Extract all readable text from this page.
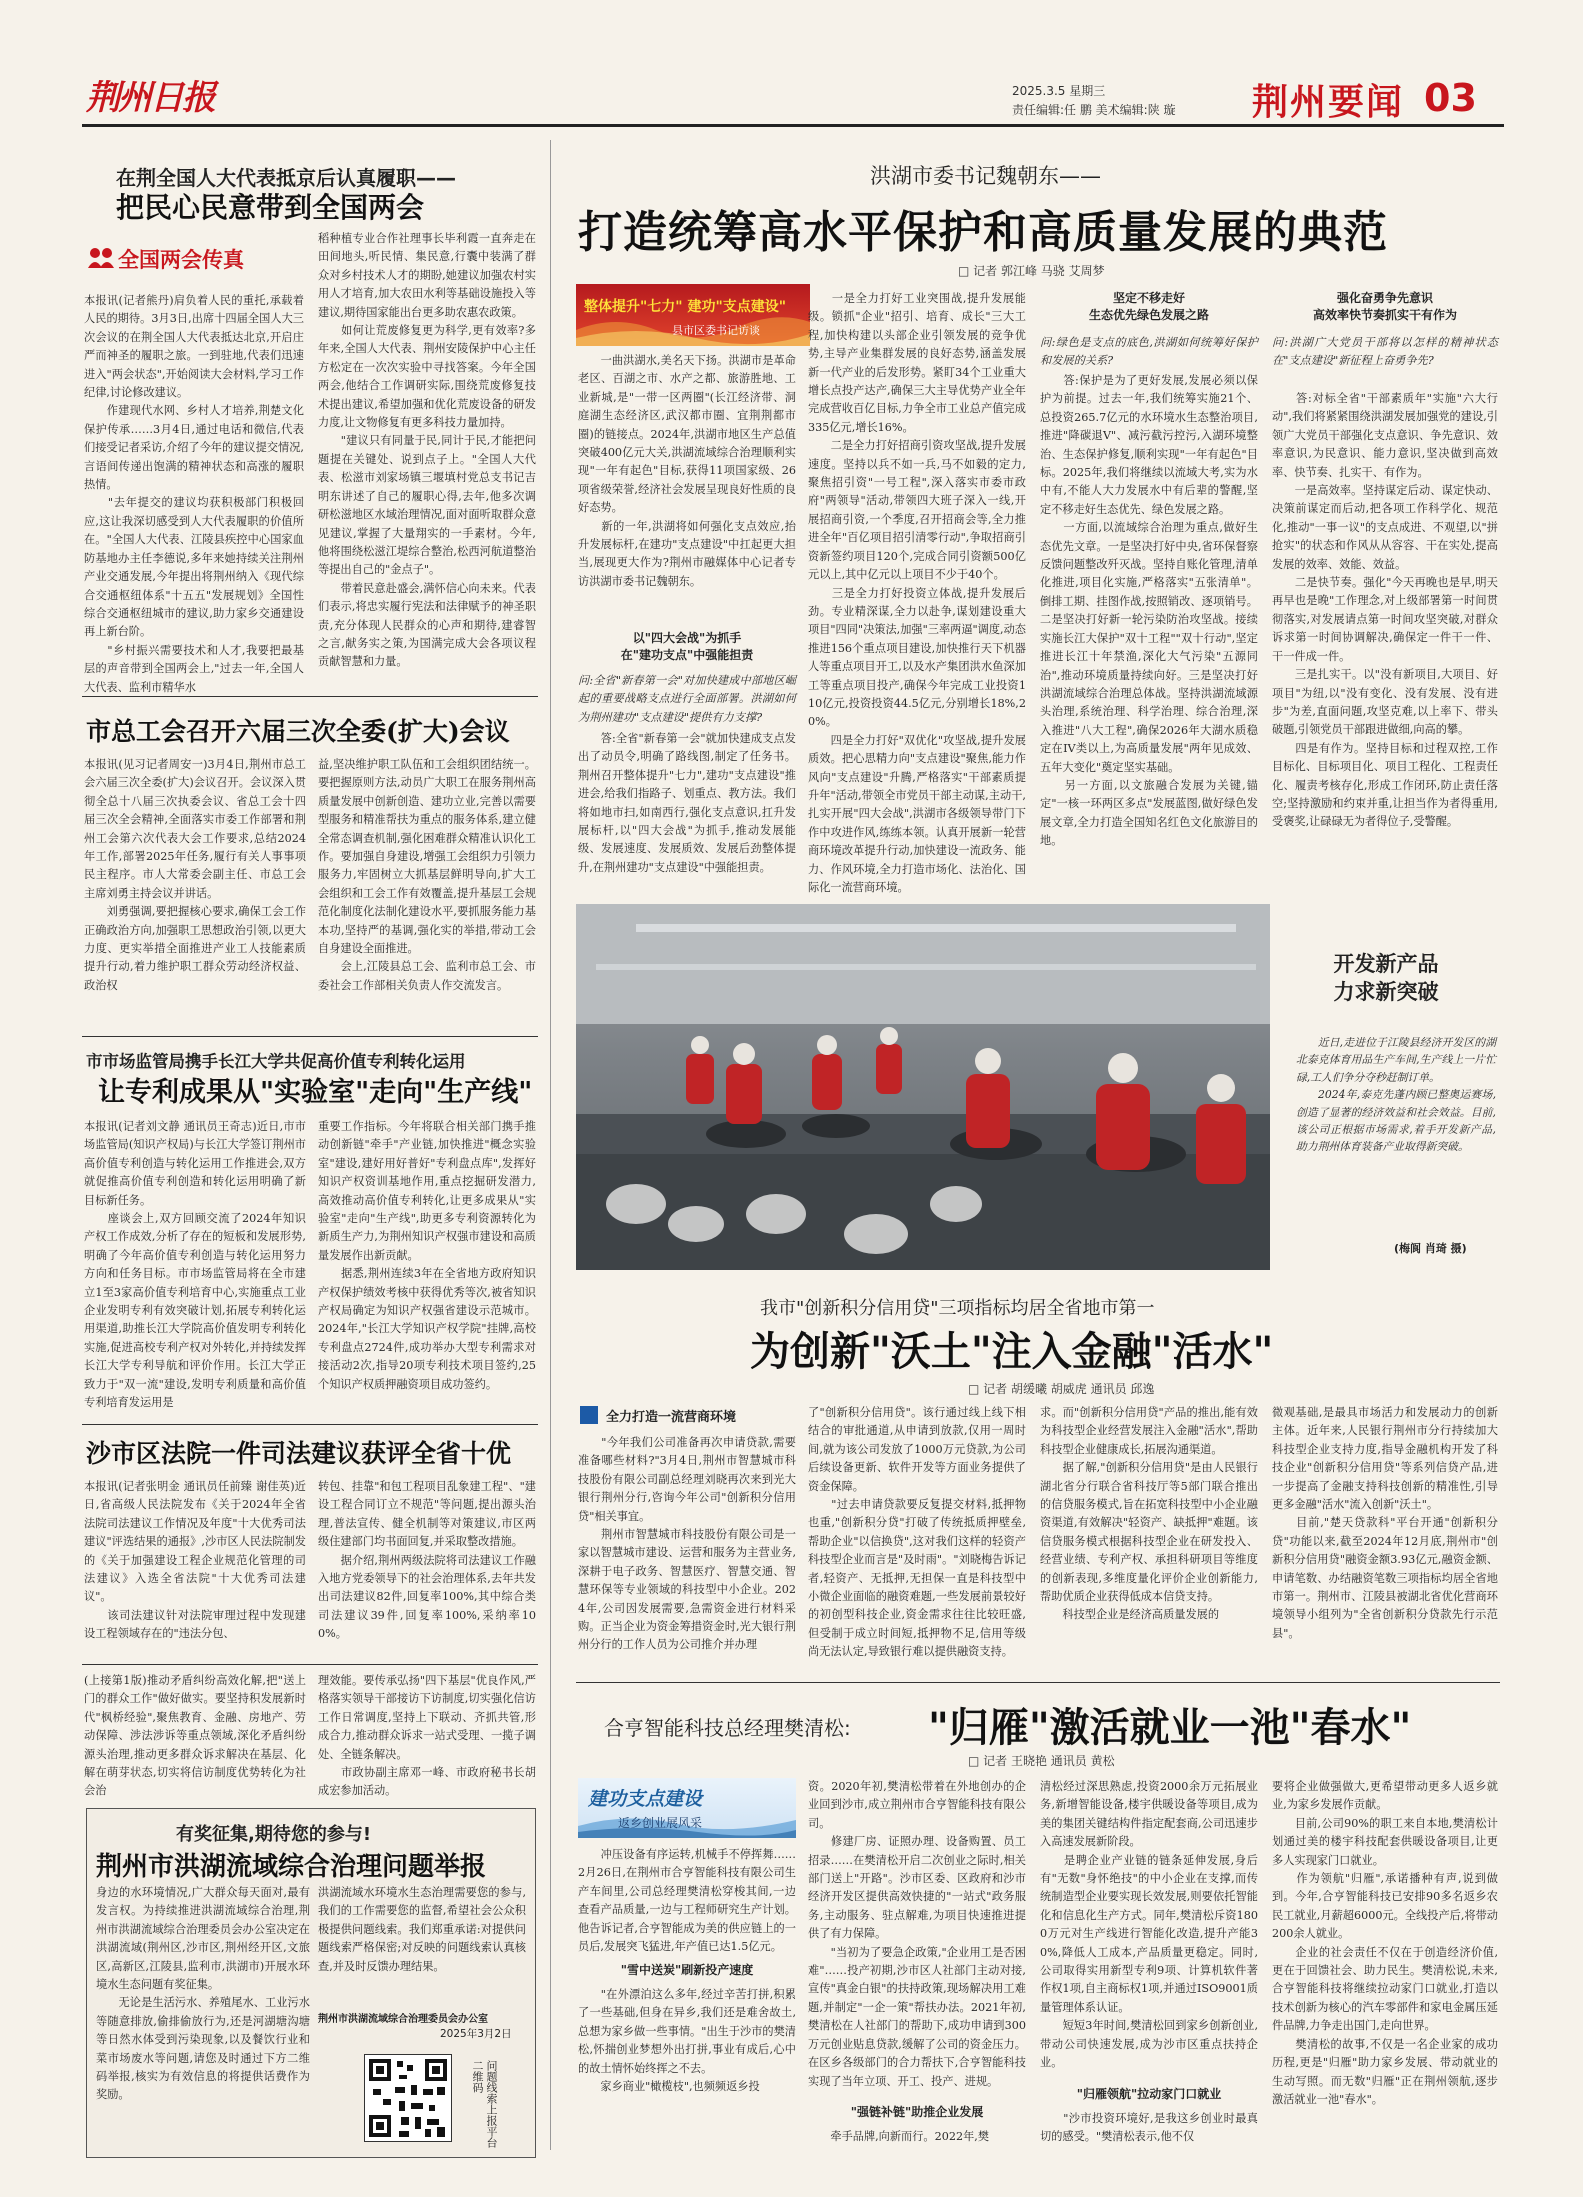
荆州日报	2025.3.5 星期三
责任编辑:任 鹏 美术编辑:陕 璇 荆州要闻 03
在荆全国人大代表抵京后认真履职——
把民心民意带到全国两会
全国两会传真
本报讯(记者熊丹)肩负着人民的重托,承载着人民的期待。3月3日,出席十四届全国人大三次会议的在荆全国人大代表抵达北京,开启庄严而神圣的履职之旅。一到驻地,代表们迅速进入"两会状态",开始阅读大会材料,学习工作纪律,讨论修改建议。
　　作建现代水网、乡村人才培养,荆楚文化保护传承……3月4日,通过电话和微信,代表们接受记者采访,介绍了今年的建议提交情况,言语间传递出饱满的精神状态和高涨的履职热情。
　　"去年提交的建议均获积极部门积极回应,这让我深切感受到人大代表履职的价值所在。"全国人大代表、江陵县疾控中心国家血防基地办主任李德说,多年来她持续关注荆州产业交通发展,今年提出将荆州纳入《现代综合交通枢纽体系"十五五"发展规划》全国性综合交通枢纽城市的建议,助力家乡交通建设再上新台阶。
　　"乡村振兴需要技术和人才,我要把最基层的声音带到全国两会上,"过去一年,全国人大代表、监利市精华水
稻种植专业合作社理事长毕利霞一直奔走在田间地头,听民情、集民意,行囊中装满了群众对乡村技术人才的期盼,她建议加强农村实用人才培育,加大农田水利等基础设施投入等建议,期待国家能出台更多助农惠农政策。
　　如何让荒废修复更为科学,更有效率?多年来,全国人大代表、荆州安陵保护中心主任方松定在一次次实验中寻找答案。今年全国两会,他结合工作调研实际,围绕荒废修复技术提出建议,希望加强和优化荒废设备的研发力度,让文物修复有更多科技力量加持。
　　"建议只有同量于民,同计于民,才能把问题提在关键处、说到点子上。"全国人大代表、松滋市刘家场镇三堰填村党总支书记吉明东讲述了自己的履职心得,去年,他多次调研松滋地区水域治理情况,面对面听取群众意见建议,掌握了大量翔实的一手素材。今年,他将围绕松滋江堤综合整治,松西河航道整治等提出自己的"金点子"。
　　带着民意赴盛会,满怀信心向未来。代表们表示,将忠实履行宪法和法律赋予的神圣职责,充分体现人民群众的心声和期待,建睿智之言,献务实之策,为国满完成大会各项议程贡献智慧和力量。
市总工会召开六届三次全委(扩大)会议
本报讯(见习记者周安一)3月4日,荆州市总工会六届三次全委(扩大)会议召开。会议深入贯彻全总十八届三次执委会议、省总工会十四届三次全会精神,全面落实市委工作部署和荆州工会第六次代表大会工作要求,总结2024年工作,部署2025年任务,履行有关人事事项民主程序。市人大常委会副主任、市总工会主席刘勇主持会议并讲话。
　　刘勇强调,要把握核心要求,确保工会工作正确政治方向,加强职工思想政治引领,以更大力度、更实举措全面推进产业工人技能素质提升行动,着力维护职工群众劳动经济权益、政治权
益,坚决维护职工队伍和工会组织团结统一。要把握原则方法,动员广大职工在服务荆州高质量发展中创新创造、建功立业,完善以需要型服务和精准帮扶为重点的服务体系,建立健全常态调查机制,强化困难群众精准认识化工作。要加强自身建设,增强工会组织力引领力服务力,牢固树立大抓基层鲜明导向,扩大工会组织和工会工作有效覆盖,提升基层工会规范化制度化法制化建设水平,要抓服务能力基本功,坚持严的基调,强化实的举措,带动工会自身建设全面推进。
　　会上,江陵县总工会、监利市总工会、市委社会工作部相关负责人作交流发言。
市市场监管局携手长江大学共促高价值专利转化运用
让专利成果从"实验室"走向"生产线"
本报讯(记者刘文静 通讯员王奇志)近日,市市场监管局(知识产权局)与长江大学签订荆州市高价值专利创造与转化运用工作推进会,双方就促推高价值专利创造和转化运用明确了新目标新任务。
　　座谈会上,双方回顾交流了2024年知识产权工作成效,分析了存在的短板和发展形势,明确了今年高价值专利创造与转化运用努力方向和任务目标。市市场监管局将在全市建立1至3家高价值专利培育中心,实施重点工业企业发明专利有效突破计划,拓展专利转化运用渠道,助推长江大学院高价值发明专利转化实施,促进高校专利产权对外转化,并持续发挥长江大学专利导航和评价作用。长江大学正致力于"双一流"建设,发明专利质量和高价值专利培育发运用是
重要工作指标。今年将联合相关部门携手推动创新链"牵手"产业链,加快推进"概念实验室"建设,建好用好普好"专利盘点库",发挥好知识产权资训基地作用,重点挖掘研发潜力,高效推动高价值专利转化,让更多成果从"实验室"走向"生产线",助更多专利资源转化为新质生产力,为荆州知识产权强市建设和高质量发展作出新贡献。
　　据悉,荆州连续3年在全省地方政府知识产权保护绩效考核中获得优秀等次,被省知识产权局确定为知识产权强省建设示范城市。2024年,"长江大学知识产权学院"挂牌,高校专利盘点2724件,成功举办大型专利需求对接活动2次,指导20项专利技术项目签约,25个知识产权质押融资项目成功签约。
沙市区法院一件司法建议获评全省十优
本报讯(记者张明金 通讯员任前臻 谢佳英)近日,省高级人民法院发布《关于2024年全省法院司法建议工作情况及年度"十大优秀司法建议"评选结果的通报》,沙市区人民法院制发的《关于加强建设工程企业规范化管理的司法建议》入选全省法院"十大优秀司法建议"。
　　该司法建议针对法院审理过程中发现建设工程领域存在的"违法分包、
转包、挂靠"和包工程项目乱象建工程"、"建设工程合同订立不规范"等问题,提出源头治理,普法宣传、健全机制等对策建议,市区两级住建部门均书面回复,并采取整改措施。
　　据介绍,荆州两级法院将司法建议工作融入地方党委领导下的社会治理体系,去年共发出司法建议82件,回复率100%,其中综合类司法建议39件,回复率100%,采纳率100%。
(上接第1版)推动矛盾纠纷高效化解,把"送上门的群众工作"做好做实。要坚持积发展新时代"枫桥经验",聚焦教育、金融、房地产、劳动保障、涉法涉诉等重点领域,深化矛盾纠纷源头治理,推动更多群众诉求解决在基层、化解在萌芽状态,切实将信访制度优势转化为社会治
理效能。要传承弘扬"四下基层"优良作风,严格落实领导干部接访下访制度,切实强化信访工作日常调度,坚持上下联动、齐抓共管,形成合力,推动群众诉求一站式受理、一揽子调处、全链条解决。
　　市政协副主席邓一峰、市政府秘书长胡成宏参加活动。
有奖征集,期待您的参与!
荆州市洪湖流域综合治理问题举报
身边的水环境情况,广大群众每天面对,最有发言权。为持续推进洪湖流域综合治理,荆州市洪湖流域综合治理委员会办公室决定在洪湖流域(荆州区,沙市区,荆州经开区,文旅区,高新区,江陵县,监利市,洪湖市)开展水环境水生态问题有奖征集。
　　无论是生活污水、养殖尾水、工业污水等随意排放,偷排偷放行为,还是河湖塘沟塘等日然水体受到污染现象,以及餐饮行业和菜市场废水等问题,请您及时通过下方二维码举报,核实为有效信息的将提供话费作为奖励。
洪湖流域水环境水生态治理需要您的参与,我们的工作需要您的监督,希望社会公众积极提供问题线索。我们郑重承诺:对提供问题线索严格保密;对反映的问题线索认真核查,并及时反馈办理结果。
荆州市洪湖流域综合治理委员会办公室
2025年3月2日
问题线索上报平台二维码
洪湖市委书记魏朝东——
打造统筹高水平保护和高质量发展的典范
□ 记者 郭江峰 马骁 艾周梦
整体提升"七力" 建功"支点建设"
县市区委书记访谈
　　一曲洪湖水,美名天下扬。洪湖市是革命老区、百湖之市、水产之都、旅游胜地、工业新城,是"一带一区两圈"(长江经济带、洞庭湖生态经济区,武汉都市圈、宜荆荆都市圈)的链接点。2024年,洪湖市地区生产总值突破400亿元大关,洪湖流域综合治理顺利实现"一年有起色"目标,获得11项国家级、26项省级荣誉,经济社会发展呈现良好性质的良好态势。
　　新的一年,洪湖将如何强化支点效应,抬升发展标杆,在建功"支点建设"中扛起更大担当,展现更大作为?荆州市融媒体中心记者专访洪湖市委书记魏朝东。
以"四大会战"为抓手
在"建功支点"中强能担责
问:全省"新春第一会"对加快建成中部地区崛起的重要战略支点进行全面部署。洪湖如何为荆州建功"支点建设"提供有力支撑?
　　答:全省"新春第一会"就加快建成支点发出了动员令,明确了路线图,制定了任务书。荆州召开整体提升"七力",建功"支点建设"推进会,给我们指路子、划重点、教方法。我们将如地市扫,如南西行,强化支点意识,扛升发展标杆,以"四大会战"为抓手,推动发展能级、发展速度、发展质效、发展后劲整体提升,在荆州建功"支点建设"中强能担责。
　　一是全力打好工业突围战,提升发展能级。锁抓"企业"招引、培育、成长"三大工程,加快构建以头部企业引领发展的竞争优势,主导产业集群发展的良好态势,涵盖发展新一代产业的后发形势。紧盯34个工业重大增长点投产达产,确保三大主导优势产业全年完成营收百亿目标,力争全市工业总产值完成335亿元,增长16%。
　　二是全力打好招商引资攻坚战,提升发展速度。坚持以兵不如一兵,马不如毅的定力,聚焦招引资"一号工程",深入落实市委市政府"两领导"活动,带领四大班子深入一线,开展招商引资,一个季度,召开招商会等,全力推进全年"百亿项目招引清零行动",争取招商引资新签约项目120个,完成合同引资额500亿元以上,其中亿元以上项目不少于40个。
　　三是全力打好投资立体战,提升发展后劲。专业精深谋,全力以赴争,谋划建设重大项目"四同"决策法,加强"三率两逼"调度,动态推进156个重点项目建设,加快推行天下机器人等重点项目开工,以及水产集团洪水鱼深加工等重点项目投产,确保今年完成工业投资110亿元,投资投资44.5亿元,分别增长18%,20%。
　　四是全力打好"双优化"攻坚战,提升发展质效。把心思精力向"支点建设"聚焦,能力作风向"支点建设"升腾,严格落实"干部素质提升年"活动,带领全市党员干部主动谋,主动干,扎实开展"四大会战",洪湖市各级领导带门下作中攻进作风,练练本领。认真开展新一轮营商环境改革提升行动,加快建设一流政务、能力、作风环境,全力打造市场化、法治化、国际化一流营商环境。
坚定不移走好
生态优先绿色发展之路
问:绿色是支点的底色,洪湖如何统筹好保护和发展的关系?
　　答:保护是为了更好发展,发展必须以保护为前提。过去一年,我们统筹实施21个、总投资265.7亿元的水环境水生态整治项目,推进"降碳退V"、减污截污控污,入湖环境整治、生态保护修复,顺利实现"一年有起色"目标。2025年,我们将继续以流域大考,实为水中有,不能人大力发展水中有后辈的警醒,坚定不移走好生态优先、绿色发展之路。
　　一方面,以流域综合治理为重点,做好生态优先文章。一是坚决打好中央,省环保督察反馈问题整改歼灭战。坚持自账化管理,清单化推进,项目化实施,严格落实"五张清单"。倒排工期、挂图作战,按照销改、逐项销号。二是坚决打好新一轮污染防治攻坚战。接续实施长江大保护"双十工程""双十行动",坚定推进长江十年禁渔,深化大气污染"五源同治",推动环境质量持续向好。三是坚决打好洪湖流域综合治理总体战。坚持洪湖流域源头治理,系统治理、科学治理、综合治理,深入推进"八大工程",确保2026年大湖水质稳定在IV类以上,为高质量发展"两年见成效、五年大变化"奠定坚实基础。
　　另一方面,以文旅融合发展为关键,锚定"一核一环两区多点"发展蓝图,做好绿色发展文章,全力打造全国知名红色文化旅游目的地。
强化奋勇争先意识
高效率快节奏抓实干有作为
问:洪湖广大党员干部将以怎样的精神状态在"支点建设"新征程上奋勇争先?
　　答:对标全省"干部素质年"实施"六大行动",我们将紧紧围绕洪湖发展加强党的建设,引领广大党员干部强化支点意识、争先意识、效率意识,为民意识、能力意识,坚决做到高效率、快节奏、扎实干、有作为。
　　一是高效率。坚持谋定后动、谋定快动、决策前谋定而后动,把各项工作科学化、规范化,推动"一事一议"的支点成进、不观望,以"拼抢实"的状态和作风从从容容、干在实处,提高发展的效率、效能、效益。
　　二是快节奏。强化"今天再晚也是早,明天再早也是晚"工作理念,对上级部署第一时间贯彻落实,对发展请点第一时间攻坚突破,对群众诉求第一时间协调解决,确保定一件干一件、干一件成一件。
　　三是扎实干。以"没有新项目,大项目、好项目"为纽,以"没有变化、没有发展、没有进步"为差,直面问题,攻坚克难,以上率下、带头破题,引领党员干部跟进做细,向高的攀。
　　四是有作为。坚持目标和过程双控,工作目标化、目标项目化、项目工程化、工程责任化、履责考核存化,形成工作闭环,防止责任落空;坚持激励和约束并重,让担当作为者得重用,受褒奖,让碌碌无为者得位子,受警醒。
开发新产品
力求新突破
　　近日,走进位于江陵县经济开发区的湖北泰克体育用品生产车间,生产线上一片忙碌,工人们争分夺秒赶制订单。
　　2024年,泰克先蓬内顾已整奥运赛场,创造了显著的经济效益和社会效益。目前,该公司正根据市场需求,着手开发新产品,助力荆州体育装备产业取得新突破。
(梅阆 肖琦 摄)
我市"创新积分信用贷"三项指标均居全省地市第一
为创新"沃土"注入金融"活水"
□ 记者 胡缓曦 胡威虎 通讯员 邱逸
全力打造一流营商环境
　　"今年我们公司准备再次申请贷款,需要准备哪些材料?"3月4日,荆州市智慧城市科技股份有限公司副总经理刘晓再次来到光大银行荆州分行,咨询今年公司"创新积分信用贷"相关事宜。
　　荆州市智慧城市科技股份有限公司是一家以智慧城市建设、运营和服务为主营业务,深耕于电子政务、智慧医疗、智慧交通、智慧环保等专业领域的科技型中小企业。2024年,公司因发展需要,急需资金进行材料采购。正当企业为资金筹措资金时,光大银行荆州分行的工作人员为公司推介并办理
了"创新积分信用贷"。该行通过线上线下相结合的审批通道,从申请到放款,仅用一周时间,就为该公司发放了1000万元贷款,为公司后续设备更新、软件开发等方面业务提供了资金保障。
　　"过去申请贷款要反复提交材料,抵押物也重,"创新积分贷"打破了传统抵质押壁垒,帮助企业"以信换贷",这对我们这样的轻资产科技型企业而言是"及时雨"。"刘晓梅告诉记者,轻资产、无抵押,无担保一直是科技型中小微企业面临的融资难题,一些发展前景较好的初创型科技企业,资金需求往往比较旺盛,但受制于成立时间短,抵押物不足,信用等级尚无法认定,导致银行难以提供融资支持。
求。而"创新积分信用贷"产品的推出,能有效为科技型企业经营发展注入金融"活水",帮助科技型企业健康成长,拓展沟通渠道。
　　据了解,"创新积分信用贷"是由人民银行湖北省分行联合省科技厅等5部门联合推出的信贷服务模式,旨在拓宽科技型中小企业融资渠道,有效解决"轻资产、缺抵押"难题。该信贷服务模式根据科技型企业在研发投入、经营业绩、专利产权、承担科研项目等维度的创新表现,多维度量化评价企业创新能力,帮助优质企业获得低成本信贷支持。
　　科技型企业是经济高质量发展的
微观基础,是最具市场活力和发展动力的创新主体。近年来,人民银行荆州市分行持续加大科技型企业支持力度,指导金融机构开发了科技企业"创新积分信用贷"等系列信贷产品,进一步提高了金融支持科技创新的精准性,引导更多金融"活水"流入创新"沃土"。
　　目前,"楚天贷款科"平台开通"创新积分贷"功能以来,截至2024年12月底,荆州市"创新积分信用贷"融资金额3.93亿元,融资金额、申请笔数、办结融资笔数三项指标均居全省地市第一。荆州市、江陵县被湖北省优化营商环境领导小组列为"全省创新积分贷款先行示范县"。
合亨智能科技总经理樊清松: "归雁"激活就业一池"春水"
□ 记者 王晓艳 通讯员 黄松
建功支点建设
返乡创业展风采
　　冲压设备有序运转,机械手不停挥舞……2月26日,在荆州市合亨智能科技有限公司生产车间里,公司总经理樊清松穿梭其间,一边查看产品质量,一边与工程师研究生产计划。他告诉记者,合亨智能成为美的供应链上的一员后,发展突飞猛进,年产值已达1.5亿元。
"雪中送炭"刷新投产速度
　　"在外漂泊这么多年,经过辛苦打拼,积累了一些基础,但身在异乡,我们还是难舍故土,总想为家乡做一些事情。"出生于沙市的樊清松,怀揣创业梦想外出打拼,事业有成后,心中的故土情怀始终挥之不去。
　　家乡商业"橄榄枝",也频频返乡投
资。2020年初,樊清松带着在外地创办的企业回到沙市,成立荆州市合亨智能科技有限公司。
　　修建厂房、证照办理、设备购置、员工招录……在樊清松开启二次创业之际时,相关部门送上"开路"。沙市区委、区政府和沙市经济开发区提供高效快捷的"一站式"政务服务,主动服务、驻点解难,为项目快速推进提供了有力保障。
　　"当初为了要急企政策,"企业用工是否困难"……投产初期,沙市区人社部门主动对接,宣传"真金白银"的扶持政策,现场解决用工难题,并制定"一企一策"帮扶办法。2021年初,樊清松在人社部门的帮助下,成功申请到300万元创业贴息贷款,缓解了公司的资金压力。在区乡各级部门的合力帮扶下,合亨智能科技实现了当年立项、开工、投产、进规。
"强链补链"助推企业发展
　　牵手品牌,向新而行。2022年,樊
清松经过深思熟虑,投资2000余万元拓展业务,新增智能设备,楼宇供暖设备等项目,成为美的集团关键结构件指定配套商,公司迅速步入高速发展新阶段。
　　是聘企业产业链的链条延伸发展,身后有"无数"身怀绝技"的中小企业在支撑,而传统制造型企业要实现长效发展,则要依托智能化和信息化生产方式。同年,樊清松斥资1800万元对生产线进行智能化改造,提升产能30%,降低人工成本,产品质量更稳定。同时,公司取得实用新型专利9项、计算机软件著作权1项,自主商标权1项,并通过ISO9001质量管理体系认证。
　　短短3年时间,樊清松回到家乡创新创业,带动公司快速发展,成为沙市区重点扶持企业。
"归雁领航"拉动家门口就业
　　"沙市投资环境好,是我这乡创业时最真切的感受。"樊清松表示,他不仅
要将企业做强做大,更希望带动更多人返乡就业,为家乡发展作贡献。
　　目前,公司90%的职工来自本地,樊清松计划通过美的楼宇科技配套供暖设备项目,让更多人实现家门口就业。
　　作为领航"归雁",承诺播种有声,说到做到。今年,合亨智能科技已安排90多名返乡农民工就业,月薪超6000元。全线投产后,将带动200余人就业。
　　企业的社会责任不仅在于创造经济价值,更在于回馈社会、助力民生。樊清松说,未来,合亨智能科技将继续拉动家门口就业,打造以技术创新为核心的汽车零部件和家电金属压延件品牌,力争走出国门,走向世界。
　　樊清松的故事,不仅是一名企业家的成功历程,更是"归雁"助力家乡发展、带动就业的生动写照。而无数"归雁"正在荆州领航,逐步激活就业一池"春水"。
